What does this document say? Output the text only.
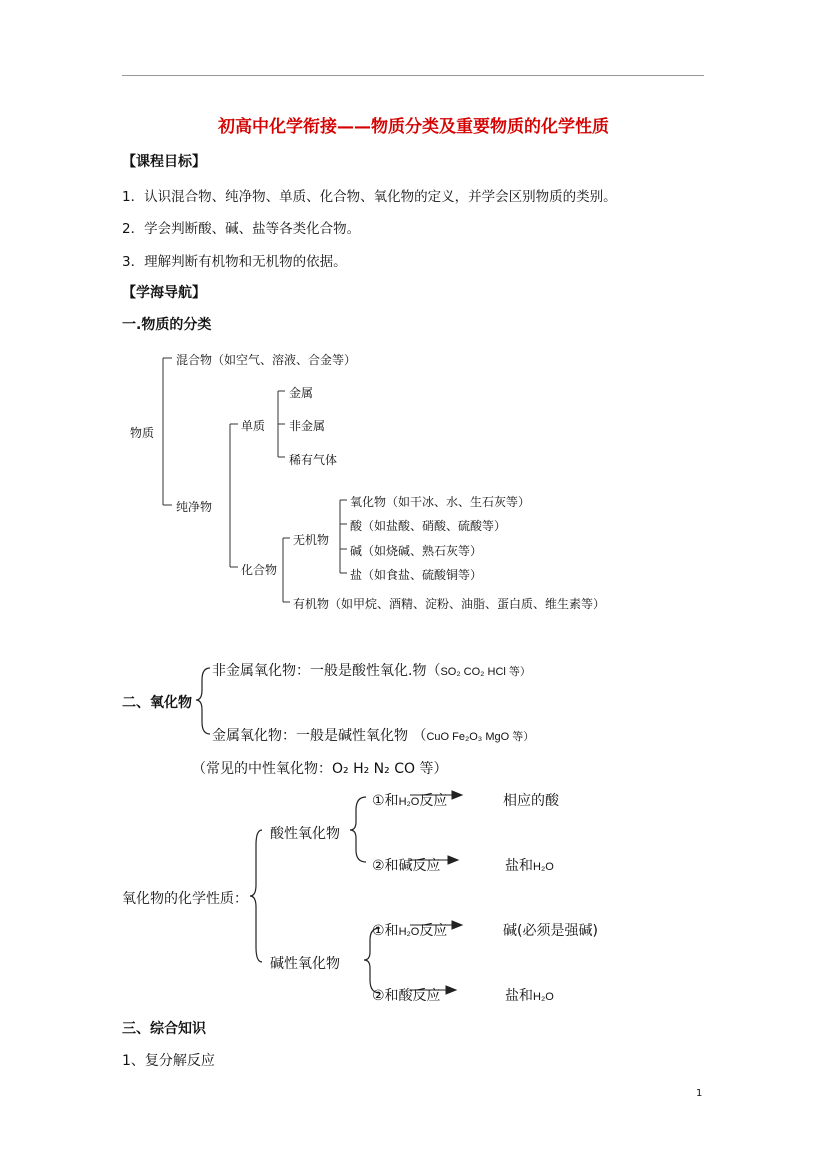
初高中化学衔接——物质分类及重要物质的化学性质
【课程目标】
1．认识混合物、纯净物、单质、化合物、氧化物的定义，并学会区别物质的类别。
2．学会判断酸、碱、盐等各类化合物。
3．理解判断有机物和无机物的依据。
【学海导航】
一.物质的分类
物质
混合物（如空气、溶液、合金等）
纯净物
单质
金属
非金属
稀有气体
化合物
无机物
氧化物（如干冰、水、生石灰等）
酸（如盐酸、硝酸、硫酸等）
碱（如烧碱、熟石灰等）
盐（如食盐、硫酸铜等）
有机物（如甲烷、酒精、淀粉、油脂、蛋白质、维生素等）
二、氧化物
非金属氧化物：一般是酸性氧化.物（SO₂ CO₂ HCl 等）
金属氧化物：一般是碱性氧化物 （CuO Fe₂O₃ MgO 等）
（常见的中性氧化物：O₂ H₂ N₂ CO 等）
氧化物的化学性质：
酸性氧化物
碱性氧化物
①和H₂O反应	相应的酸
②和碱反应	盐和H₂O
①和H₂O反应	碱(必须是强碱)
②和酸反应	盐和H₂O
三、综合知识
1、复分解反应
1
